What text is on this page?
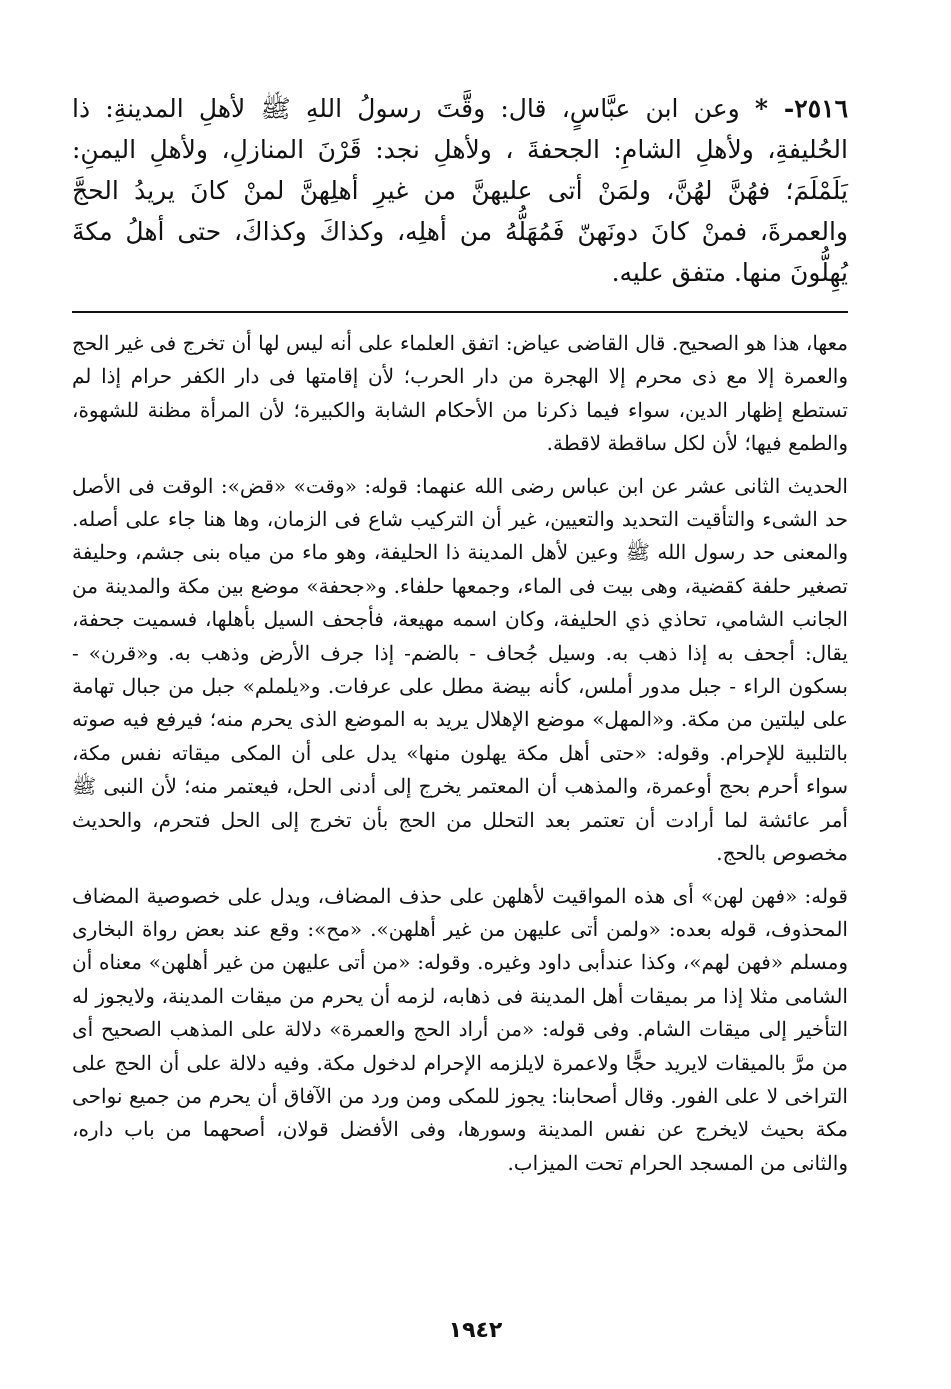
٢٥١٦- * وعن ابن عبَّاسٍ، قال: وقَّتَ رسولُ اللهِ ﷺ لأهلِ المدينةِ: ذا الحُليفةِ، ولأهلِ الشامِ: الجحفةَ ، ولأهلِ نجد: قَرْنَ المنازلِ، ولأهلِ اليمنِ: يَلَمْلَمَ؛ فهُنَّ لهُنَّ، ولمَنْ أتى عليهنَّ من غيرِ أهلِهنَّ لمنْ كانَ يريدُ الحجَّ والعمرةَ، فمنْ كانَ دونَهنّ فَمُهَلُّهُ من أهلِه، وكذاكَ وكذاكَ، حتى أهلُ مكةَ يُهِلُّونَ منها. متفق عليه.

معها، هذا هو الصحيح. قال القاضى عياض: اتفق العلماء على أنه ليس لها أن تخرج فى غير الحج والعمرة إلا مع ذى محرم إلا الهجرة من دار الحرب؛ لأن إقامتها فى دار الكفر حرام إذا لم تستطع إظهار الدين، سواء فيما ذكرنا من الأحكام الشابة والكبيرة؛ لأن المرأة مظنة للشهوة، والطمع فيها؛ لأن لكل ساقطة لاقطة.

الحديث الثانى عشر عن ابن عباس رضى الله عنهما: قوله: «وقت» «قض»: الوقت فى الأصل حد الشىء والتأقيت التحديد والتعيين، غير أن التركيب شاع فى الزمان، وها هنا جاء على أصله. والمعنى حد رسول الله ﷺ وعين لأهل المدينة ذا الحليفة، وهو ماء من مياه بنى جشم، وحليفة تصغير حلفة كقضية، وهى بيت فى الماء، وجمعها حلفاء. و«جحفة» موضع بين مكة والمدينة من الجانب الشامي، تحاذي ذي الحليفة، وكان اسمه مهيعة، فأجحف السيل بأهلها، فسميت جحفة، يقال: أجحف به إذا ذهب به. وسيل جُحاف - بالضم- إذا جرف الأرض وذهب به. و«قرن» - بسكون الراء - جبل مدور أملس، كأنه بيضة مطل على عرفات. و«يلملم» جبل من جبال تهامة على ليلتين من مكة. و«المهل» موضع الإهلال يريد به الموضع الذى يحرم منه؛ فيرفع فيه صوته بالتلبية للإحرام. وقوله: «حتى أهل مكة يهلون منها» يدل على أن المكى ميقاته نفس مكة، سواء أحرم بحج أوعمرة، والمذهب أن المعتمر يخرج إلى أدنى الحل، فيعتمر منه؛ لأن النبى ﷺ أمر عائشة لما أرادت أن تعتمر بعد التحلل من الحج بأن تخرج إلى الحل فتحرم، والحديث مخصوص بالحج.

قوله: «فهن لهن» أى هذه المواقيت لأهلهن على حذف المضاف، ويدل على خصوصية المضاف المحذوف، قوله بعده: «ولمن أتى عليهن من غير أهلهن». «مح»: وقع عند بعض رواة البخارى ومسلم «فهن لهم»، وكذا عندأبى داود وغيره. وقوله: «من أتى عليهن من غير أهلهن» معناه أن الشامى مثلا إذا مر بميقات أهل المدينة فى ذهابه، لزمه أن يحرم من ميقات المدينة، ولايجوز له التأخير إلى ميقات الشام. وفى قوله: «من أراد الحج والعمرة» دلالة على المذهب الصحيح أى من مرَّ بالميقات لايريد حجًّا ولاعمرة لايلزمه الإحرام لدخول مكة. وفيه دلالة على أن الحج على التراخى لا على الفور. وقال أصحابنا: يجوز للمكى ومن ورد من الآفاق أن يحرم من جميع نواحى مكة بحيث لايخرج عن نفس المدينة وسورها، وفى الأفضل قولان، أصحهما من باب داره، والثانى من المسجد الحرام تحت الميزاب.

١٩٤٢
